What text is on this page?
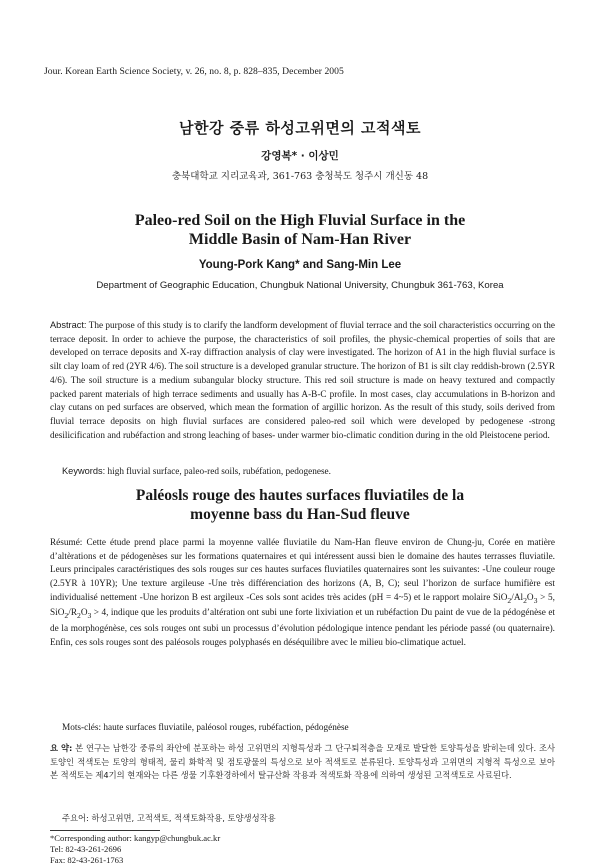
Jour. Korean Earth Science Society, v. 26, no. 8, p. 828–835, December 2005
남한강 중류 하성고위면의 고적색토
강영복* · 이상민
충북대학교 지리교육과, 361-763 충청북도 청주시 개신동 48
Paleo-red Soil on the High Fluvial Surface in the
Middle Basin of Nam-Han River
Young-Pork Kang* and Sang-Min Lee
Department of Geographic Education, Chungbuk National University, Chungbuk 361-763, Korea
Abstract: The purpose of this study is to clarify the landform development of fluvial terrace and the soil characteristics occurring on the terrace deposit. In order to achieve the purpose, the characteristics of soil profiles, the physic-chemical properties of soils that are developed on terrace deposits and X-ray diffraction analysis of clay were investigated. The horizon of A1 in the high fluvial surface is silt clay loam of red (2YR 4/6). The soil structure is a developed granular structure. The horizon of B1 is silt clay reddish-brown (2.5YR 4/6). The soil structure is a medium subangular blocky structure. This red soil structure is made on heavy textured and compactly packed parent materials of high terrace sediments and usually has A-B-C profile. In most cases, clay accumulations in B-horizon and clay cutans on ped surfaces are observed, which mean the formation of argillic horizon. As the result of this study, soils derived from fluvial terrace deposits on high fluvial surfaces are considered paleo-red soil which were developed by pedogenese -strong desilicification and rubéfaction and strong leaching of bases- under warmer bio-climatic condition during in the old Pleistocene period.
Keywords: high fluvial surface, paleo-red soils, rubéfation, pedogenese.
Paléosls rouge des hautes surfaces fluviatiles de la
moyenne bass du Han-Sud fleuve
Résumé: Cette étude prend place parmi la moyenne vallée fluviatile du Nam-Han fleuve environ de Chung-ju, Corée en matière d’altèrations et de pédogenèses sur les formations quaternaires et qui intéressent aussi bien le domaine des hautes terrasses fluviatile. Leurs principales caractéristiques des sols rouges sur ces hautes surfaces fluviatiles quaternaires sont les suivantes: -Une couleur rouge (2.5YR à 10YR); Une texture argileuse -Une très différenciation des horizons (A, B, C); seul l’horizon de surface humifière est individualisé nettement -Une horizon B est argileux -Ces sols sont acides très acides (pH = 4~5) et le rapport molaire $SiO_2/Al_2O_3 > 5$, $SiO_2/R_2O_3 > 4$, indique que les produits d’altération ont subi une forte lixiviation et un rubéfaction Du paint de vue de la pédogénèse et de la morphogénèse, ces sols rouges ont subi un processus d’évolution pédologique intence pendant les période passé (ou quaternaire). Enfin, ces sols rouges sont des paléosols rouges polyphasés en déséquilibre avec le milieu bio-climatique actuel.
Mots-clés: haute surfaces fluviatile, paléosol rouges, rubéfaction, pédogénèse
요 약: 본 연구는 남한강 중류의 좌안에 분포하는 하성 고위면의 지형특성과 그 단구퇴적층을 모재로 발달한 토양특성을 밝히는데 있다. 조사토양인 적색토는 토양의 형태적, 물리 화학적 및 점토광물의 특성으로 보아 적색토로 분류된다. 토양특성과 고위면의 지형적 특성으로 보아 본 적색토는 제4기의 현재와는 다른 생물 기후환경하에서 탈규산화 작용과 적색토화 작용에 의하여 생성된 고적색토로 사료된다.
주요어: 하성고위면, 고적색토, 적색토화작용, 토양생성작용
*Corresponding author: kangyp@chungbuk.ac.kr
Tel: 82-43-261-2696
Fax: 82-43-261-1763
